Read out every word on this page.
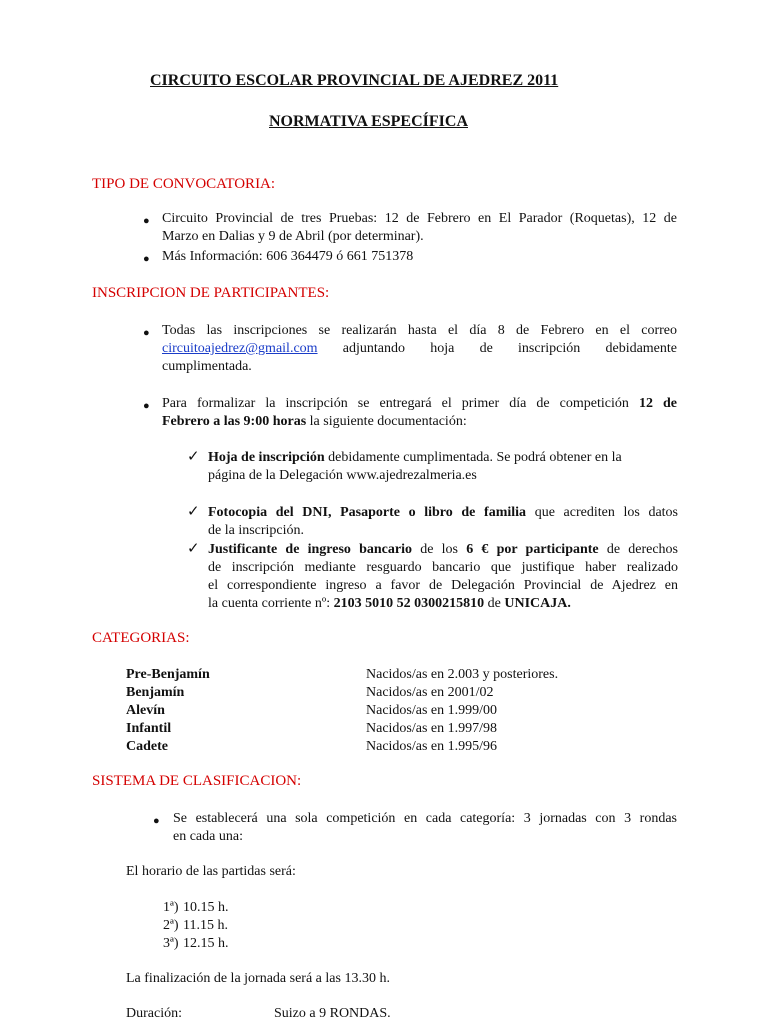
CIRCUITO ESCOLAR PROVINCIAL DE AJEDREZ 2011
NORMATIVA ESPECÍFICA
TIPO DE CONVOCATORIA:
● Circuito Provincial de tres Pruebas: 12 de Febrero en El Parador (Roquetas), 12 de
Marzo en Dalias y 9 de Abril (por determinar).
● Más Información: 606 364479 ó 661 751378
INSCRIPCION DE PARTICIPANTES:
● Todas las inscripciones se realizarán hasta el día 8 de Febrero en el correo
circuitoajedrez@gmail.com adjuntando hoja de inscripción debidamente
cumplimentada.
● Para formalizar la inscripción se entregará el primer día de competición 12 de
Febrero a las 9:00 horas la siguiente documentación:
✓ Hoja de inscripción debidamente cumplimentada. Se podrá obtener en la
página de la Delegación www.ajedrezalmeria.es
✓ Fotocopia del DNI, Pasaporte o libro de familia que acrediten los datos
de la inscripción.
✓ Justificante de ingreso bancario de los 6 € por participante de derechos
de inscripción mediante resguardo bancario que justifique haber realizado
el correspondiente ingreso a favor de Delegación Provincial de Ajedrez en
la cuenta corriente nº: 2103 5010 52 0300215810 de UNICAJA.
CATEGORIAS:
Pre-Benjamín	Nacidos/as en 2.003 y posteriores.
Benjamín	Nacidos/as en 2001/02
Alevín	Nacidos/as en 1.999/00
Infantil	Nacidos/as en 1.997/98
Cadete	Nacidos/as en 1.995/96
SISTEMA DE CLASIFICACION:
● Se establecerá una sola competición en cada categoría: 3 jornadas con 3 rondas
en cada una:
El horario de las partidas será:
1ª) 10.15 h.
2ª) 11.15 h.
3ª) 12.15 h.
La finalización de la jornada será a las 13.30 h.
Duración:	Suizo a 9 RONDAS.
